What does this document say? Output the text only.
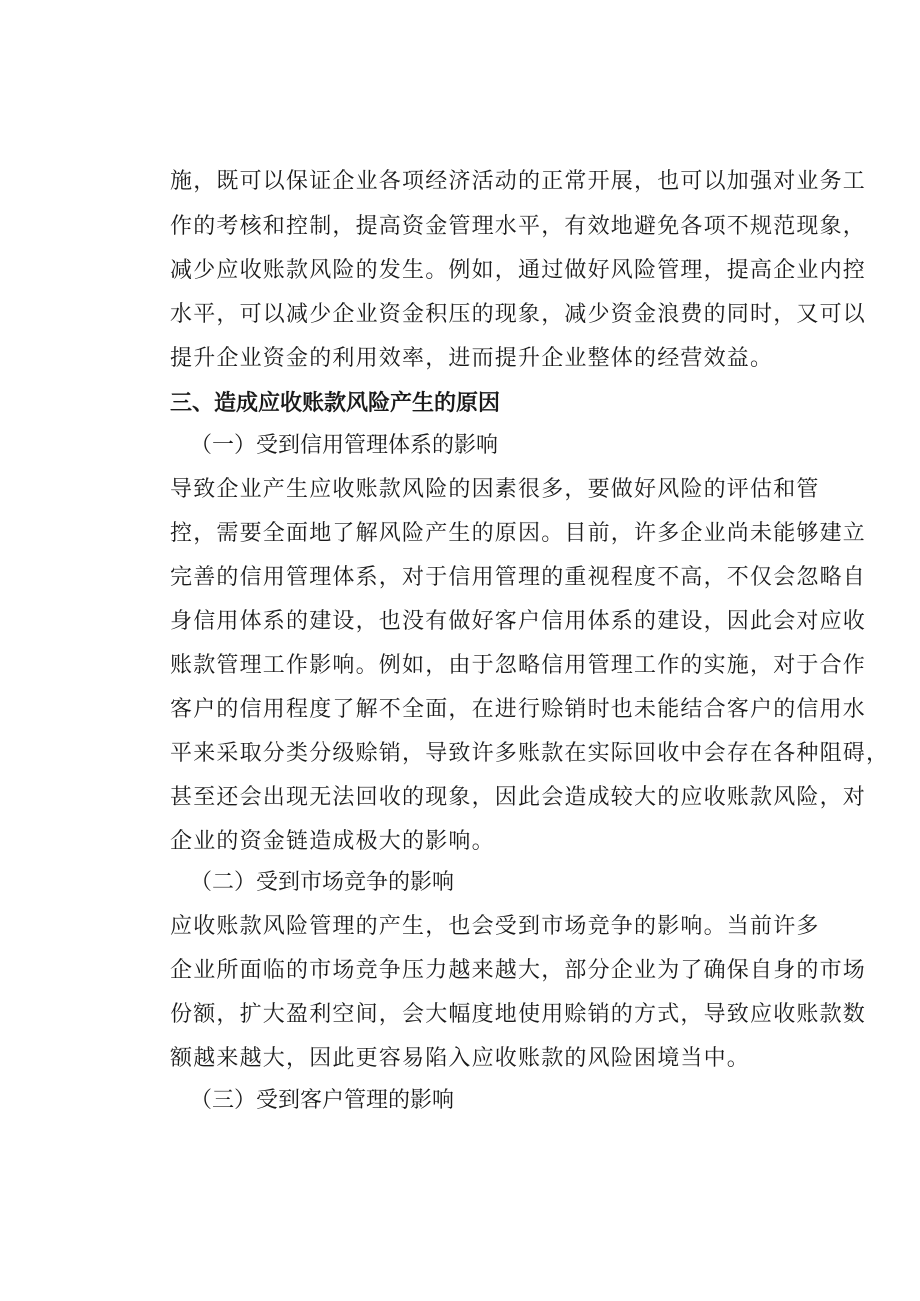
施，既可以保证企业各项经济活动的正常开展，也可以加强对业务工
作的考核和控制，提高资金管理水平，有效地避免各项不规范现象，
减少应收账款风险的发生。例如，通过做好风险管理，提高企业内控
水平，可以减少企业资金积压的现象，减少资金浪费的同时，又可以
提升企业资金的利用效率，进而提升企业整体的经营效益。
三、造成应收账款风险产生的原因
（一）受到信用管理体系的影响
导致企业产生应收账款风险的因素很多，要做好风险的评估和管
控，需要全面地了解风险产生的原因。目前，许多企业尚未能够建立
完善的信用管理体系，对于信用管理的重视程度不高，不仅会忽略自
身信用体系的建设，也没有做好客户信用体系的建设，因此会对应收
账款管理工作影响。例如，由于忽略信用管理工作的实施，对于合作
客户的信用程度了解不全面，在进行赊销时也未能结合客户的信用水
平来采取分类分级赊销，导致许多账款在实际回收中会存在各种阻碍，
甚至还会出现无法回收的现象，因此会造成较大的应收账款风险，对
企业的资金链造成极大的影响。
（二）受到市场竞争的影响
应收账款风险管理的产生，也会受到市场竞争的影响。当前许多
企业所面临的市场竞争压力越来越大，部分企业为了确保自身的市场
份额，扩大盈利空间，会大幅度地使用赊销的方式，导致应收账款数
额越来越大，因此更容易陷入应收账款的风险困境当中。
（三）受到客户管理的影响
